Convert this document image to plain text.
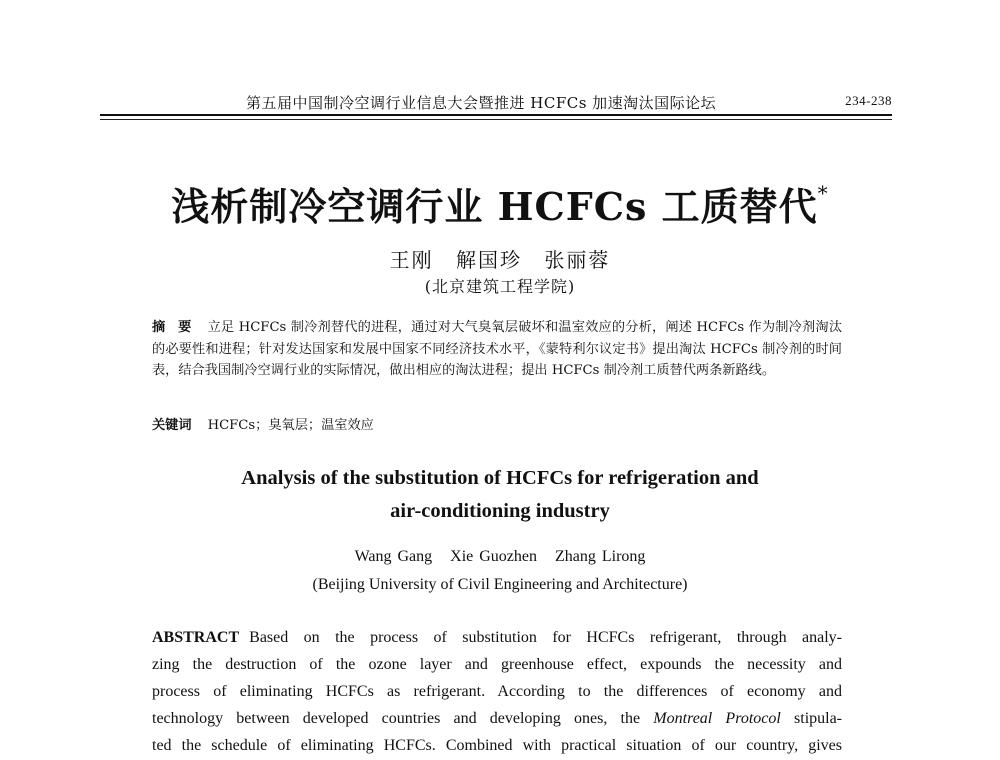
第五届中国制冷空调行业信息大会暨推进 HCFCs 加速淘汰国际论坛	234-238
浅析制冷空调行业 HCFCs 工质替代*
王刚 解国珍 张丽蓉
(北京建筑工程学院)
摘 要 立足 HCFCs 制冷剂替代的进程，通过对大气臭氧层破坏和温室效应的分析，阐述 HCFCs 作为制冷剂淘汰的必要性和进程；针对发达国家和发展中国家不同经济技术水平，《蒙特利尔议定书》提出淘汰 HCFCs 制冷剂的时间表，结合我国制冷空调行业的实际情况，做出相应的淘汰进程；提出 HCFCs 制冷剂工质替代两条新路线。
关键词 HCFCs；臭氧层；温室效应
Analysis of the substitution of HCFCs for refrigeration and
air-conditioning industry
Wang Gang Xie Guozhen Zhang Lirong
(Beijing University of Civil Engineering and Architecture)
ABSTRACT Based on the process of substitution for HCFCs refrigerant, through analy-
zing the destruction of the ozone layer and greenhouse effect, expounds the necessity and
process of eliminating HCFCs as refrigerant. According to the differences of economy and
technology between developed countries and developing ones, the Montreal Protocol stipula-
ted the schedule of eliminating HCFCs. Combined with practical situation of our country, gives
